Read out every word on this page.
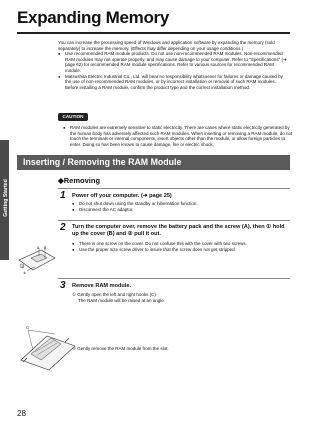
Getting Started
Expanding Memory

You can increase the processing speed of Windows and application software by expanding the memory (sold separately) to increase the memory. (Effects may differ depending on your usage conditions.)

● Use recommended RAM module products. Do not use non-recommended RAM modules. Non-recommended RAM modules may not operate properly, and may cause damage to your computer. Refer to "Specifications" (➔ page 62) for recommended RAM module specifications. Refer to various sources for recommended RAM module.

● Matsushita Electric Industrial Co., Ltd. will bear no responsibility whatsoever for failures or damage caused by the use of non-recommended RAM modules, or by incorrect installation or removal of such RAM modules. Before installing a RAM module, confirm the product type and the correct installation method.

CAUTION
● RAM modules are extremely sensitive to static electricity. There are cases where static electricity generated by the human body has adversely affected such RAM modules. When inserting or removing a RAM module, do not touch the terminals or internal components, insert objects other than the module, or allow foreign particles to enter. Doing so has been known to cause damage, fire or electric shock.
Inserting / Removing the RAM Module
◆Removing
1 Power off your computer. (➔ page 25)
● Do not shut down using the standby or hibernation function.
● Disconnect the AC adaptor.
2 Turn the computer over, remove the battery pack and the screw (A), then ① hold up the cover (B) and ② pull it out.
● There is one screw on the cover. Do not confuse this with the cover with two screws.
● Use the proper size screw driver to insure that the screw does not get stripped.
A B
①
②
3 Remove RAM module.
① Gently open the left and right hooks (C).
The RAM module will be raised at an angle.
② Gently remove the RAM module from the slot.
C
28
